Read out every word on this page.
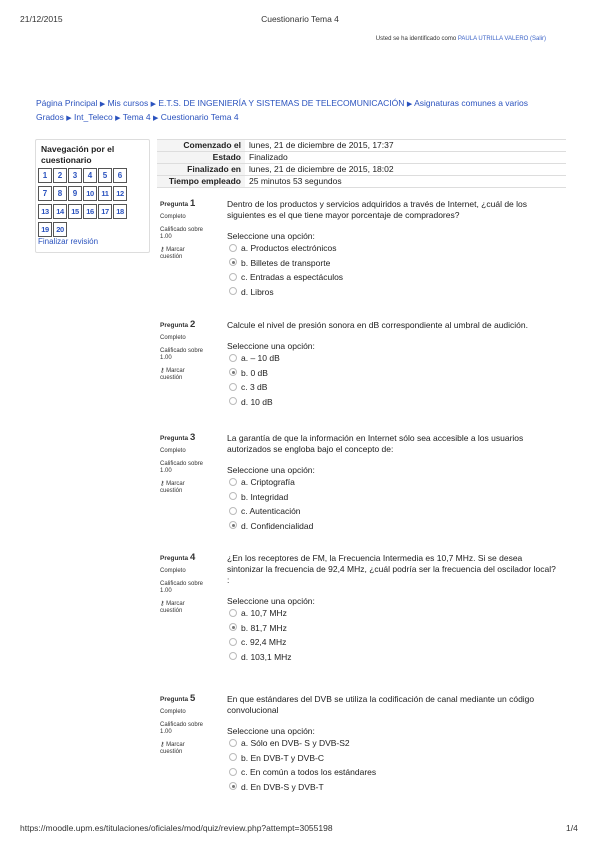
21/12/2015	Cuestionario Tema 4
Usted se ha identificado como PAULA UTRILLA VALERO (Salir)
Página Principal ▶ Mis cursos ▶ E.T.S. DE INGENIERÍA Y SISTEMAS DE TELECOMUNICACIÓN ▶ Asignaturas comunes a varios Grados ▶ Int_Teleco ▶ Tema 4 ▶ Cuestionario Tema 4
Navegación por el
cuestionario
1	2	3	4	5	6
7	8	9	10	11	12
13 14 15 16 17 18
19 20
Finalizar revisión
Comenzado el	lunes, 21 de diciembre de 2015, 17:37
Estado	Finalizado
Finalizado en	lunes, 21 de diciembre de 2015, 18:02
Tiempo empleado	25 minutos 53 segundos
Pregunta 1
Completo
Calificado sobre
1.00
⚷ Marcar
cuestión
Dentro de los productos y servicios adquiridos a través de Internet, ¿cuál de los siguientes es el que tiene mayor porcentaje de compradores?
Seleccione una opción:
a. Productos electrónicos
b. Billetes de transporte
c. Entradas a espectáculos
d. Libros
Pregunta 2
Completo
Calificado sobre
1.00
⚷ Marcar
cuestión
Calcule el nivel de presión sonora en dB correspondiente al umbral de audición.
Seleccione una opción:
a. – 10 dB
b. 0 dB
c. 3 dB
d. 10 dB
Pregunta 3
Completo
Calificado sobre
1.00
⚷ Marcar
cuestión
La garantía de que la información en Internet sólo sea accesible a los usuarios autorizados se engloba bajo el concepto de:
Seleccione una opción:
a. Criptografía
b. Integridad
c. Autenticación
d. Confidencialidad
Pregunta 4
Completo
Calificado sobre
1.00
⚷ Marcar
cuestión
¿En los receptores de FM, la Frecuencia Intermedia es 10,7 MHz. Si se desea sintonizar la frecuencia de 92,4 MHz, ¿cuál podría ser la frecuencia del oscilador local? :
Seleccione una opción:
a. 10,7 MHz
b. 81,7 MHz
c. 92,4 MHz
d. 103,1 MHz
Pregunta 5
Completo
Calificado sobre
1.00
⚷ Marcar
cuestión
En que estándares del DVB se utiliza la codificación de canal mediante un código convolucional
Seleccione una opción:
a. Sólo en DVB- S y DVB-S2
b. En DVB-T y DVB-C
c. En común a todos los estándares
d. En DVB-S y DVB-T
https://moodle.upm.es/titulaciones/oficiales/mod/quiz/review.php?attempt=3055198	1/4
